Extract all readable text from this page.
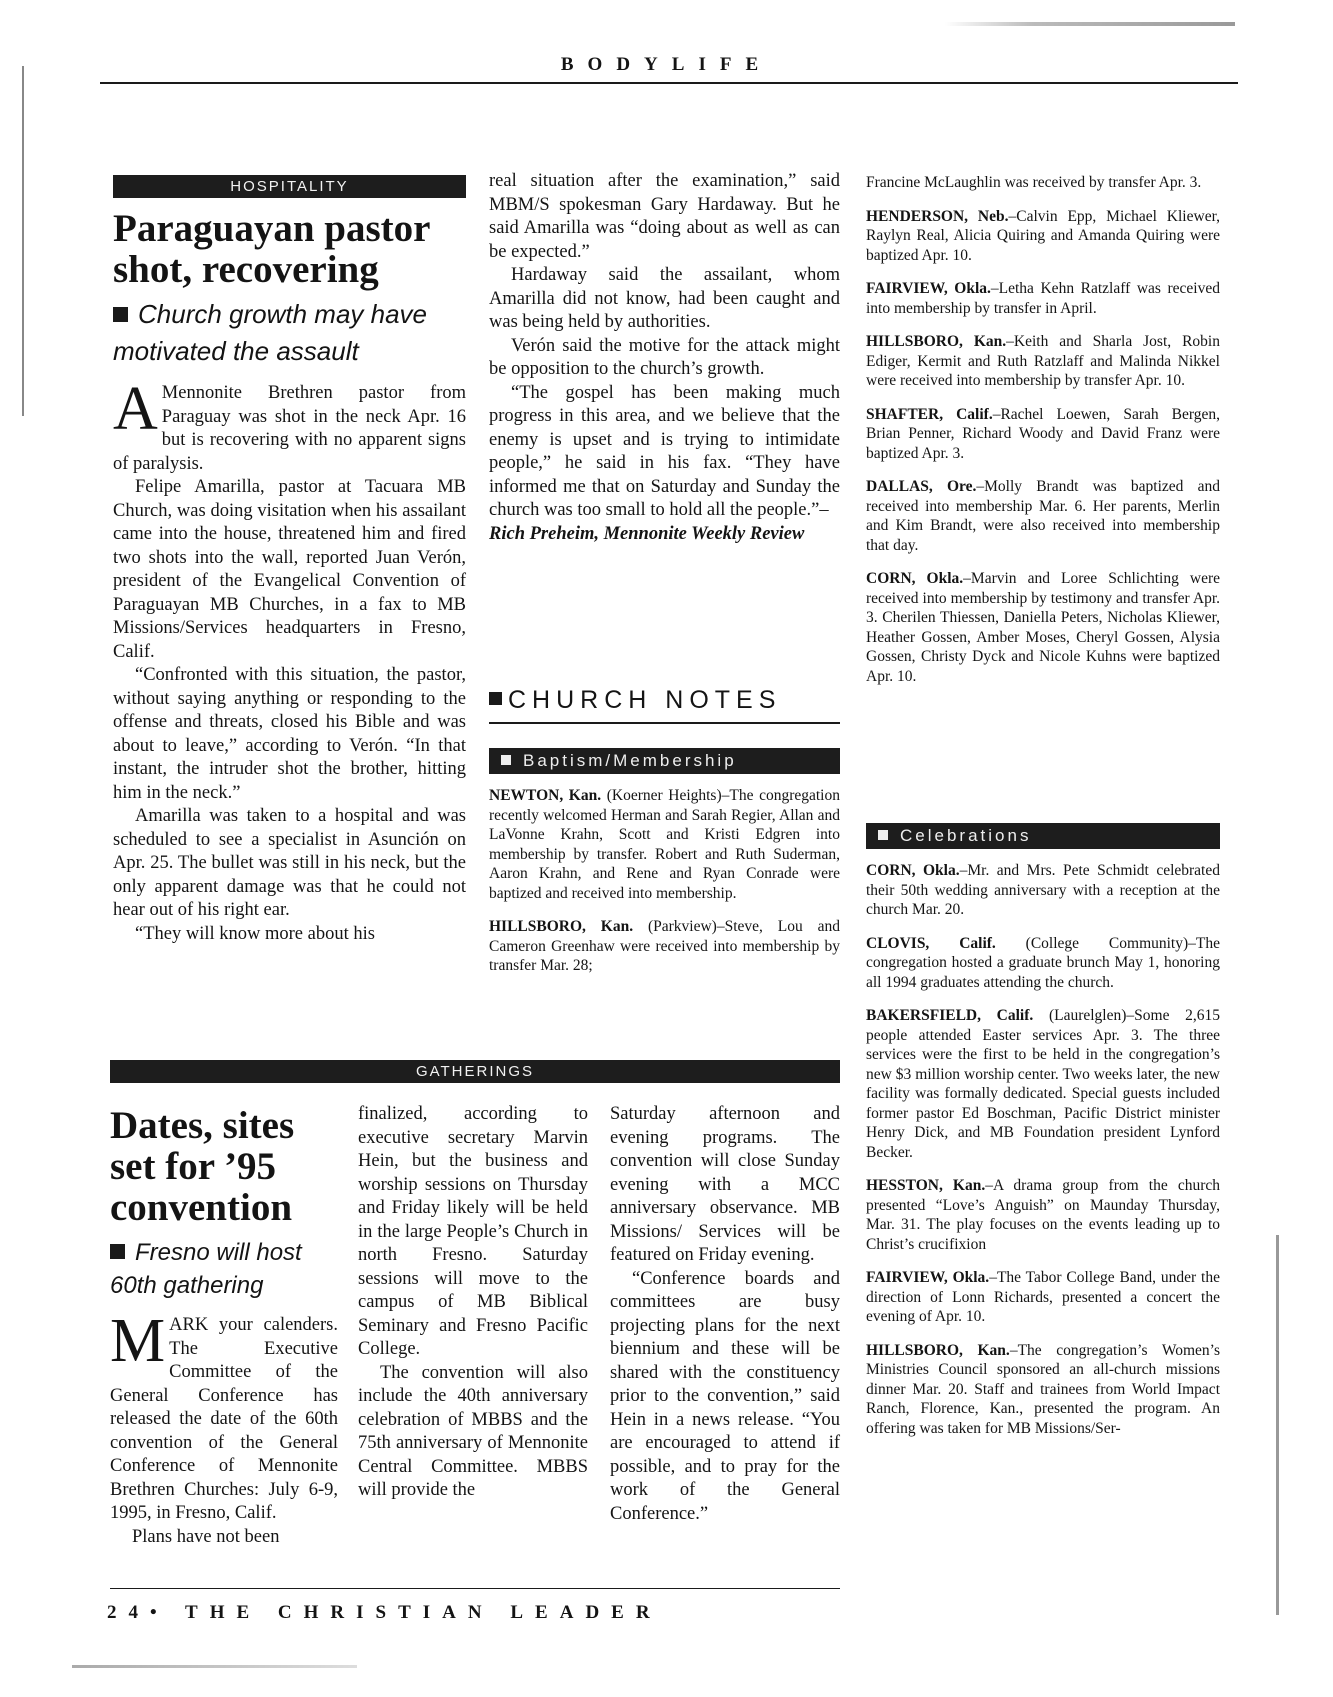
BODYLIFE
HOSPITALITY
Paraguayan pastor
shot, recovering
Church growth may have
motivated the assault

A Mennonite Brethren pastor from Paraguay was shot in the neck Apr. 16 but is recovering with no apparent signs of paralysis.

Felipe Amarilla, pastor at Tacuara MB Church, was doing visitation when his assailant came into the house, threatened him and fired two shots into the wall, reported Juan Verón, president of the Evangelical Convention of Paraguayan MB Churches, in a fax to MB Missions/Services headquarters in Fresno, Calif.

“Confronted with this situation, the pastor, without saying anything or responding to the offense and threats, closed his Bible and was about to leave,” according to Verón. “In that instant, the intruder shot the brother, hitting him in the neck.”

Amarilla was taken to a hospital and was scheduled to see a specialist in Asunción on Apr. 25. The bullet was still in his neck, but the only apparent damage was that he could not hear out of his right ear.

“They will know more about his

real situation after the examination,” said MBM/S spokesman Gary Hardaway. But he said Amarilla was “doing about as well as can be expected.”

Hardaway said the assailant, whom Amarilla did not know, had been caught and was being held by authorities.

Verón said the motive for the attack might be opposition to the church’s growth.

“The gospel has been making much progress in this area, and we believe that the enemy is upset and is trying to intimidate people,” he said in his fax. “They have informed me that on Saturday and Sunday the church was too small to hold all the people.”–

Rich Preheim, Mennonite Weekly Review

CHURCH NOTES
Baptism/Membership

NEWTON, Kan. (Koerner Heights)–The congregation recently welcomed Herman and Sarah Regier, Allan and LaVonne Krahn, Scott and Kristi Edgren into membership by transfer. Robert and Ruth Suderman, Aaron Krahn, and Rene and Ryan Conrade were baptized and received into membership.

HILLSBORO, Kan. (Parkview)–Steve, Lou and Cameron Greenhaw were received into membership by transfer Mar. 28;

Francine McLaughlin was received by transfer Apr. 3.

HENDERSON, Neb.–Calvin Epp, Michael Kliewer, Raylyn Real, Alicia Quiring and Amanda Quiring were baptized Apr. 10.

FAIRVIEW, Okla.–Letha Kehn Ratzlaff was received into membership by transfer in April.

HILLSBORO, Kan.–Keith and Sharla Jost, Robin Ediger, Kermit and Ruth Ratzlaff and Malinda Nikkel were received into membership by transfer Apr. 10.

SHAFTER, Calif.–Rachel Loewen, Sarah Bergen, Brian Penner, Richard Woody and David Franz were baptized Apr. 3.

DALLAS, Ore.–Molly Brandt was baptized and received into membership Mar. 6. Her parents, Merlin and Kim Brandt, were also received into membership that day.

CORN, Okla.–Marvin and Loree Schlichting were received into membership by testimony and transfer Apr. 3. Cherilen Thiessen, Daniella Peters, Nicholas Kliewer, Heather Gossen, Amber Moses, Cheryl Gossen, Alysia Gossen, Christy Dyck and Nicole Kuhns were baptized Apr. 10.

Celebrations

CORN, Okla.–Mr. and Mrs. Pete Schmidt celebrated their 50th wedding anniversary with a reception at the church Mar. 20.

CLOVIS, Calif. (College Community)–The congregation hosted a graduate brunch May 1, honoring all 1994 graduates attending the church.

BAKERSFIELD, Calif. (Laurelglen)–Some 2,615 people attended Easter services Apr. 3. The three services were the first to be held in the congregation’s new $3 million worship center. Two weeks later, the new facility was formally dedicated. Special guests included former pastor Ed Boschman, Pacific District minister Henry Dick, and MB Foundation president Lynford Becker.

HESSTON, Kan.–A drama group from the church presented “Love’s Anguish” on Maunday Thursday, Mar. 31. The play focuses on the events leading up to Christ’s crucifixion

FAIRVIEW, Okla.–The Tabor College Band, under the direction of Lonn Richards, presented a concert the evening of Apr. 10.

HILLSBORO, Kan.–The congregation’s Women’s Ministries Council sponsored an all-church missions dinner Mar. 20. Staff and trainees from World Impact Ranch, Florence, Kan., presented the program. An offering was taken for MB Missions/Ser-

GATHERINGS
Dates, sites
set for ’95
convention
Fresno will host
60th gathering

MARK your calenders. The Executive Committee of the General Conference has released the date of the 60th convention of the General Conference of Mennonite Brethren Churches: July 6-9, 1995, in Fresno, Calif.

Plans have not been

finalized, according to executive secretary Marvin Hein, but the business and worship sessions on Thursday and Friday likely will be held in the large People’s Church in north Fresno. Saturday sessions will move to the campus of MB Biblical Seminary and Fresno Pacific College.

The convention will also include the 40th anniversary celebration of MBBS and the 75th anniversary of Mennonite Central Committee. MBBS will provide the

Saturday afternoon and evening programs. The convention will close Sunday evening with a MCC anniversary observance. MB Missions/ Services will be featured on Friday evening.

“Conference boards and committees are busy projecting plans for the next biennium and these will be shared with the constituency prior to the convention,” said Hein in a news release. “You are encouraged to attend if possible, and to pray for the work of the General Conference.”

24• THE CHRISTIAN LEADER
